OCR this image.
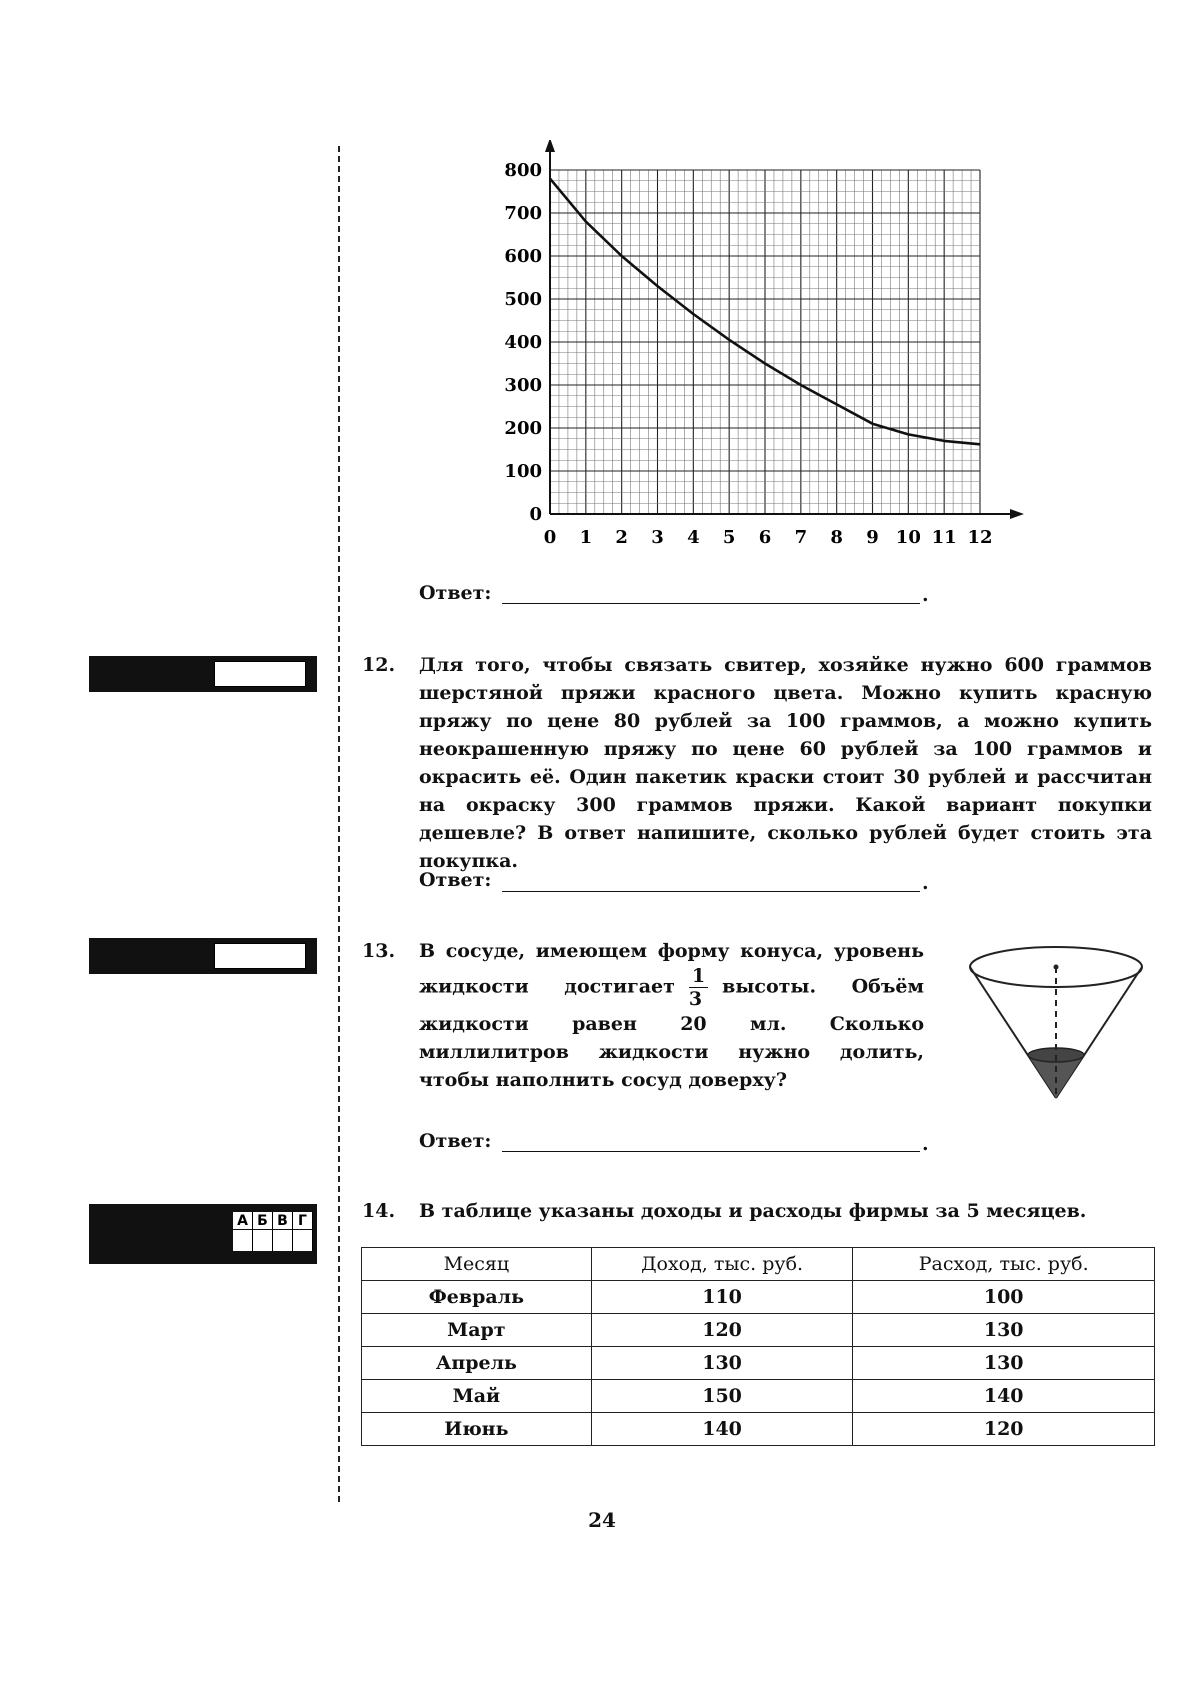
0 1 2 3 4 5 6 7 8 9 10 11 12
0
100
200
300
400
500
600
700
800
Ответ:	.
12. Для того, чтобы связать свитер, хозяйке нужно 600 граммов шерстяной пряжи красного цвета. Можно купить красную пряжу по цене 80 рублей за 100 граммов, а можно купить неокрашенную пряжу по цене 60 рублей за 100 граммов и окрасить её. Один пакетик краски стоит 30 рублей и рассчитан на окраску 300 граммов пряжи. Какой вариант покупки дешевле? В ответ напишите, сколько рублей будет стоить эта покупка.
Ответ:	.
13. В сосуде, имеющем форму конуса, уровень жидкости достигает $\frac{1}{3}$ высоты. Объём жидкости равен 20 мл. Сколько миллилитров жидкости нужно долить, чтобы наполнить сосуд доверху?
Ответ:	.
А Б В Г	14. В таблице указаны доходы и расходы фирмы за 5 месяцев.
Месяц	Доход, тыс. руб.	Расход, тыс. руб.
Февраль	110	100
Март	120	130
Апрель	130	130
Май	150	140
Июнь	140	120
24
